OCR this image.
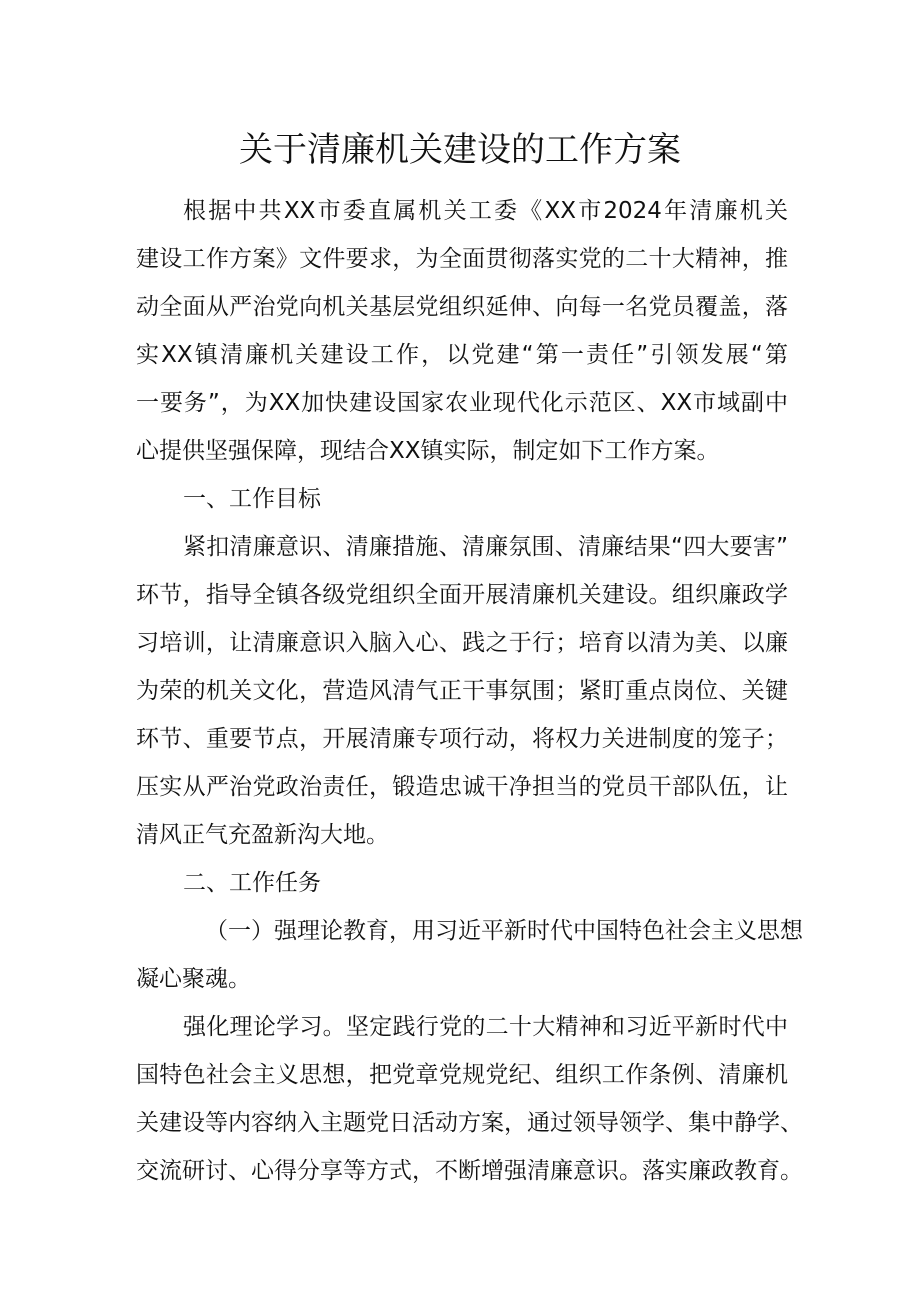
关于清廉机关建设的工作方案
根据中共XX市委直属机关工委《XX市2024年清廉机关
建设工作方案》文件要求，为全面贯彻落实党的二十大精神，推
动全面从严治党向机关基层党组织延伸、向每一名党员覆盖，落
实XX镇清廉机关建设工作，以党建“第一责任”引领发展“第
一要务”，为XX加快建设国家农业现代化示范区、XX市域副中
心提供坚强保障，现结合XX镇实际，制定如下工作方案。
一、工作目标
紧扣清廉意识、清廉措施、清廉氛围、清廉结果“四大要害”
环节，指导全镇各级党组织全面开展清廉机关建设。组织廉政学
习培训，让清廉意识入脑入心、践之于行；培育以清为美、以廉
为荣的机关文化，营造风清气正干事氛围；紧盯重点岗位、关键
环节、重要节点，开展清廉专项行动，将权力关进制度的笼子；
压实从严治党政治责任，锻造忠诚干净担当的党员干部队伍，让
清风正气充盈新沟大地。
二、工作任务
（一）强理论教育，用习近平新时代中国特色社会主义思想
凝心聚魂。
强化理论学习。坚定践行党的二十大精神和习近平新时代中
国特色社会主义思想，把党章党规党纪、组织工作条例、清廉机
关建设等内容纳入主题党日活动方案，通过领导领学、集中静学、
交流研讨、心得分享等方式，不断增强清廉意识。落实廉政教育。
